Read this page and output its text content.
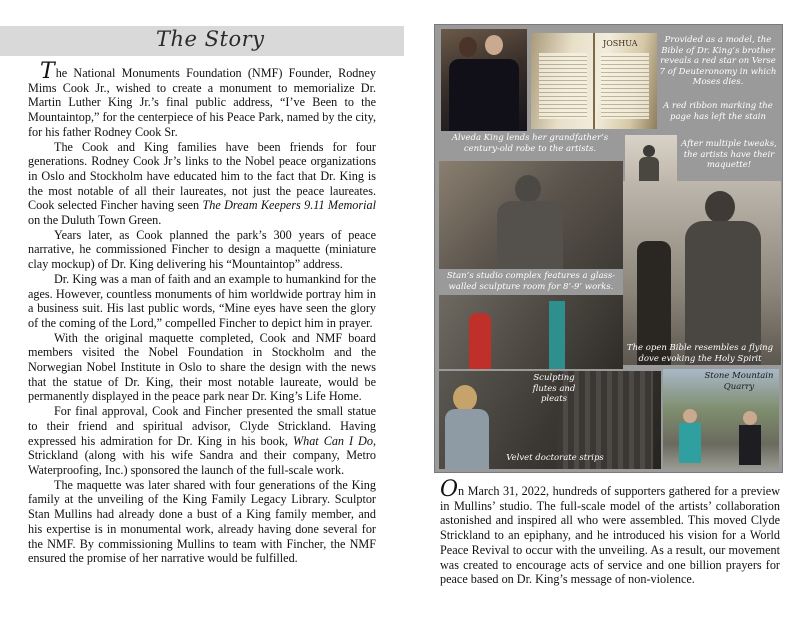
The Story

The National Monuments Foundation (NMF) Founder, Rodney Mims Cook Jr., wished to create a monument to memorialize Dr. Martin Luther King Jr.’s final public address, “I’ve Been to the Mountaintop,” for the centerpiece of his Peace Park, named by the city, for his father Rodney Cook Sr.

The Cook and King families have been friends for four generations. Rodney Cook Jr’s links to the Nobel peace organizations in Oslo and Stockholm have educated him to the fact that Dr. King is the most notable of all their laureates, not just the peace laureates. Cook selected Fincher having seen The Dream Keepers 9.11 Memorial on the Duluth Town Green.

Years later, as Cook planned the park’s 300 years of peace narrative, he commissioned Fincher to design a maquette (miniature clay mockup) of Dr. King delivering his “Mountaintop” address.

Dr. King was a man of faith and an example to humankind for the ages. However, countless monuments of him worldwide portray him in a business suit. His last public words, “Mine eyes have seen the glory of the coming of the Lord,” compelled Fincher to depict him in prayer.

With the original maquette completed, Cook and NMF board members visited the Nobel Foundation in Stockholm and the Norwegian Nobel Institute in Oslo to share the design with the news that the statue of Dr. King, their most notable laureate, would be permanently displayed in the peace park near Dr. King’s Life Home.

For final approval, Cook and Fincher presented the small statue to their friend and spiritual advisor, Clyde Strickland. Having expressed his admiration for Dr. King in his book, What Can I Do, Strickland (along with his wife Sandra and their company, Metro Waterproofing, Inc.) sponsored the launch of the full-scale work.

The maquette was later shared with four generations of the King family at the unveiling of the King Family Legacy Library. Sculptor Stan Mullins had already done a bust of a King family member, and his expertise is in monumental work, already having done several for the NMF. By commissioning Mullins to team with Fincher, the NMF ensured the promise of her narrative would be fulfilled.

JOSHUA	Provided as a model, the Bible of Dr. King’s brother reveals a red star on Verse 7 of Deuteronomy in which Moses dies.
A red ribbon marking the page has left the stain
Alveda King lends her grandfather’s century-old robe to the artists.	After multiple tweaks, the artists have their maquette!
Stan’s studio complex features a glass-walled sculpture room for 8’-9’ works.
The open Bible resembles a flying dove evoking the Holy Spirit
Sculpting flutes and pleats
Velvet doctorate strips
Stone Mountain Quarry

On March 31, 2022, hundreds of supporters gathered for a preview in Mullins’ studio. The full-scale model of the artists’ collaboration astonished and inspired all who were assembled. This moved Clyde Strickland to an epiphany, and he introduced his vision for a World Peace Revival to occur with the unveiling. As a result, our movement was created to encourage acts of service and one billion prayers for peace based on Dr. King’s message of non-violence.
